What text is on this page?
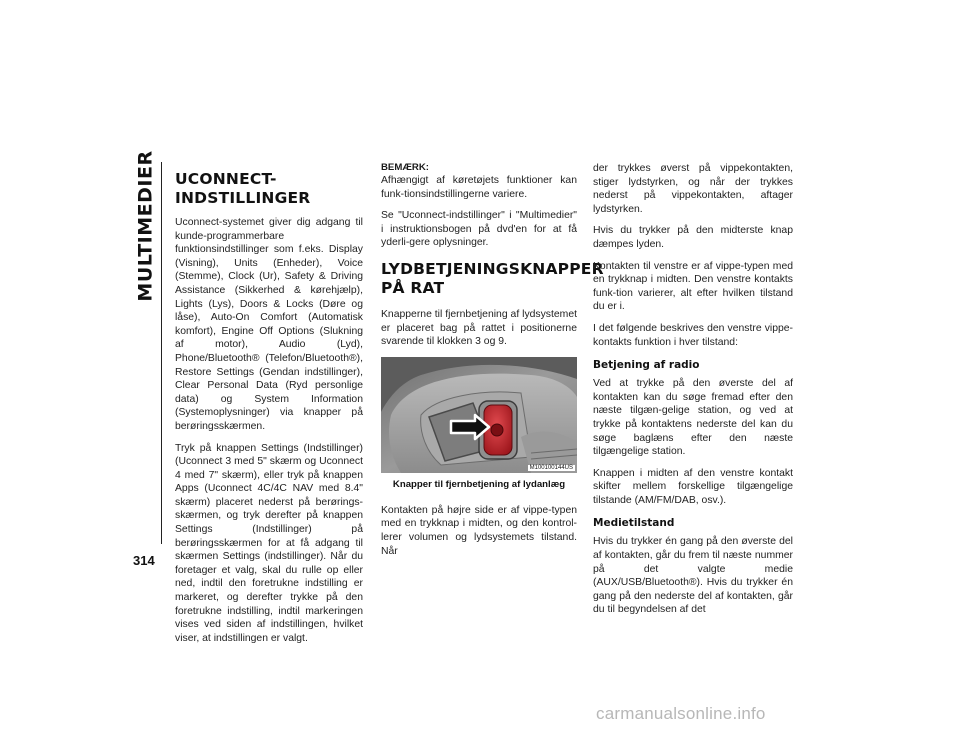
MULTIMEDIER
314
UCONNECT-INDSTILLINGER

Uconnect-systemet giver dig adgang til kunde-programmerbare funktionsindstillinger som f.eks. Display (Visning), Units (Enheder), Voice (Stemme), Clock (Ur), Safety & Driving Assistance (Sikkerhed & kørehjælp), Lights (Lys), Doors & Locks (Døre og låse), Auto-On Comfort (Automatisk komfort), Engine Off Options (Slukning af motor), Audio (Lyd), Phone/Bluetooth® (Telefon/Bluetooth®), Restore Settings (Gendan indstillinger), Clear Personal Data (Ryd personlige data) og System Information (Systemoplysninger) via knapper på berøringsskærmen.

Tryk på knappen Settings (Indstillinger) (Uconnect 3 med 5" skærm og Uconnect 4 med 7" skærm), eller tryk på knappen Apps (Uconnect 4C/4C NAV med 8.4" skærm) placeret nederst på berørings-skærmen, og tryk derefter på knappen Settings (Indstillinger) på berøringsskærmen for at få adgang til skærmen Settings (indstillinger). Når du foretager et valg, skal du rulle op eller ned, indtil den foretrukne indstilling er markeret, og derefter trykke på den foretrukne indstilling, indtil markeringen vises ved siden af indstillingen, hvilket viser, at indstillingen er valgt.

BEMÆRK:

Afhængigt af køretøjets funktioner kan funk-tionsindstillingerne variere.

Se "Uconnect-indstillinger" i "Multimedier" i instruktionsbogen på dvd'en for at få yderli-gere oplysninger.

LYDBETJENINGSKNAPPER PÅ RAT

Knapperne til fjernbetjening af lydsystemet er placeret bag på rattet i positionerne svarende til klokken 3 og 9.

M100100144US
Knapper til fjernbetjening af lydanlæg

Kontakten på højre side er af vippe-typen med en trykknap i midten, og den kontrol-lerer volumen og lydsystemets tilstand. Når

der trykkes øverst på vippekontakten, stiger lydstyrken, og når der trykkes nederst på vippekontakten, aftager lydstyrken.

Hvis du trykker på den midterste knap dæmpes lyden.

Kontakten til venstre er af vippe-typen med en trykknap i midten. Den venstre kontakts funk-tion varierer, alt efter hvilken tilstand du er i.

I det følgende beskrives den venstre vippe-kontakts funktion i hver tilstand:

Betjening af radio

Ved at trykke på den øverste del af kontakten kan du søge fremad efter den næste tilgæn-gelige station, og ved at trykke på kontaktens nederste del kan du søge baglæns efter den næste tilgængelige station.

Knappen i midten af den venstre kontakt skifter mellem forskellige tilgængelige tilstande (AM/FM/DAB, osv.).

Medietilstand

Hvis du trykker én gang på den øverste del af kontakten, går du frem til næste nummer på det valgte medie (AUX/USB/Bluetooth®). Hvis du trykker én gang på den nederste del af kontakten, går du til begyndelsen af det

carmanualsonline.info
